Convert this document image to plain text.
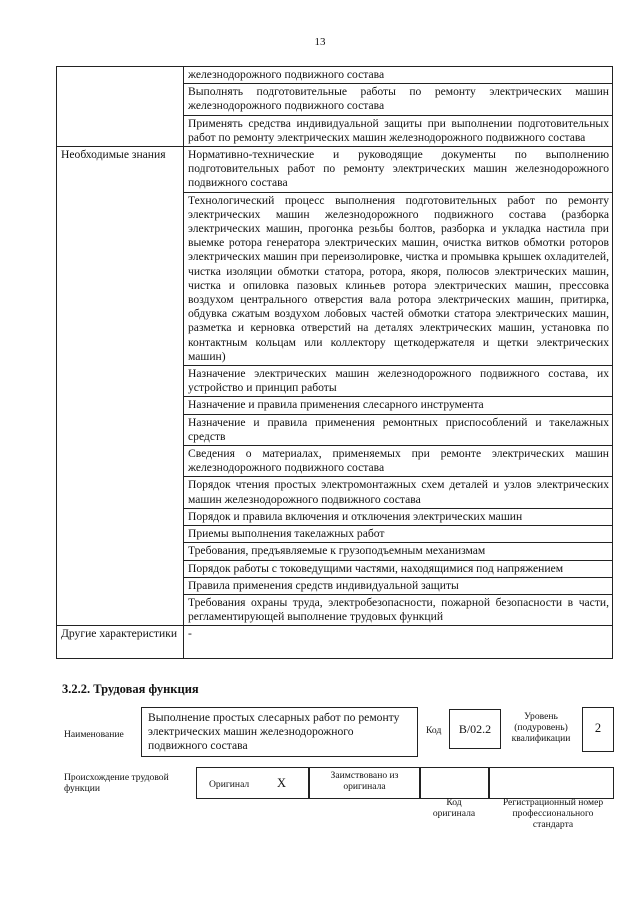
13
	железнодорожного подвижного состава
	Выполнять подготовительные работы по ремонту электрических машин железнодорожного подвижного состава
	Применять средства индивидуальной защиты при выполнении подготовительных работ по ремонту электрических машин железнодорожного подвижного состава
Необходимые знания	Нормативно-технические и руководящие документы по выполнению подготовительных работ по ремонту электрических машин железнодорожного подвижного состава
	Технологический процесс выполнения подготовительных работ по ремонту электрических машин железнодорожного подвижного состава (разборка электрических машин, прогонка резьбы болтов, разборка и укладка настила при выемке ротора генератора электрических машин, очистка витков обмотки роторов электрических машин при переизолировке, чистка и промывка крышек охладителей, чистка изоляции обмотки статора, ротора, якоря, полюсов электрических машин, чистка и опиловка пазовых клиньев ротора электрических машин, прессовка воздухом центрального отверстия вала ротора электрических машин, притирка, обдувка сжатым воздухом лобовых частей обмотки статора электрических машин, разметка и керновка отверстий на деталях электрических машин, установка по контактным кольцам или коллектору щеткодержателя и щетки электрических машин)
	Назначение электрических машин железнодорожного подвижного состава, их устройство и принцип работы
	Назначение и правила применения слесарного инструмента
	Назначение и правила применения ремонтных приспособлений и такелажных средств
	Сведения о материалах, применяемых при ремонте электрических машин железнодорожного подвижного состава
	Порядок чтения простых электромонтажных схем деталей и узлов электрических машин железнодорожного подвижного состава
	Порядок и правила включения и отключения электрических машин
	Приемы выполнения такелажных работ
	Требования, предъявляемые к грузоподъемным механизмам
	Порядок работы с токоведущими частями, находящимися под напряжением
	Правила применения средств индивидуальной защиты
	Требования охраны труда, электробезопасности, пожарной безопасности в части, регламентирующей выполнение трудовых функций
Другие характеристики	-
3.2.2. Трудовая функция
Наименование
Выполнение простых слесарных работ по ремонту электрических машин железнодорожного подвижного состава
Код	B/02.2
Уровень (подуровень) квалификации
2
Происхождение трудовой функции	Оригинал X
Заимствовано из оригинала
Код оригинала
Регистрационный номер профессионального стандарта
